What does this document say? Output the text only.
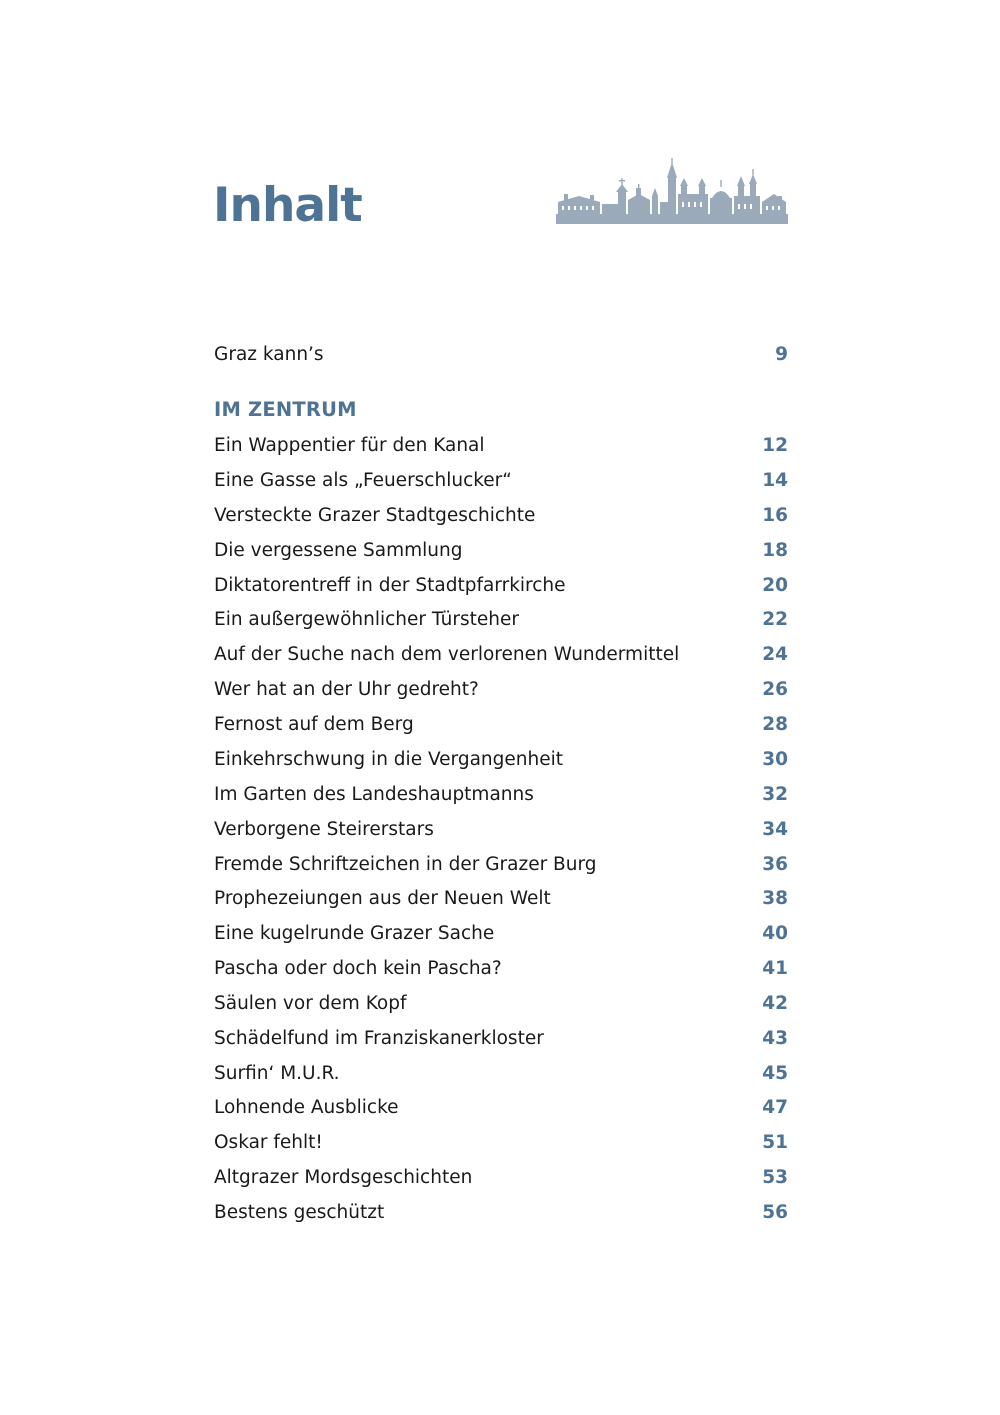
Inhalt
Graz kann’s	9
IM ZENTRUM
Ein Wappentier für den Kanal	12
Eine Gasse als „Feuerschlucker“	14
Versteckte Grazer Stadtgeschichte	16
Die vergessene Sammlung	18
Diktatorentreff in der Stadtpfarrkirche	20
Ein außergewöhnlicher Türsteher	22
Auf der Suche nach dem verlorenen Wundermittel	24
Wer hat an der Uhr gedreht?	26
Fernost auf dem Berg	28
Einkehrschwung in die Vergangenheit	30
Im Garten des Landeshauptmanns	32
Verborgene Steirerstars	34
Fremde Schriftzeichen in der Grazer Burg	36
Prophezeiungen aus der Neuen Welt	38
Eine kugelrunde Grazer Sache	40
Pascha oder doch kein Pascha?	41
Säulen vor dem Kopf	42
Schädelfund im Franziskanerkloster	43
Surfin‘ M.U.R.	45
Lohnende Ausblicke	47
Oskar fehlt!	51
Altgrazer Mordsgeschichten	53
Bestens geschützt	56
